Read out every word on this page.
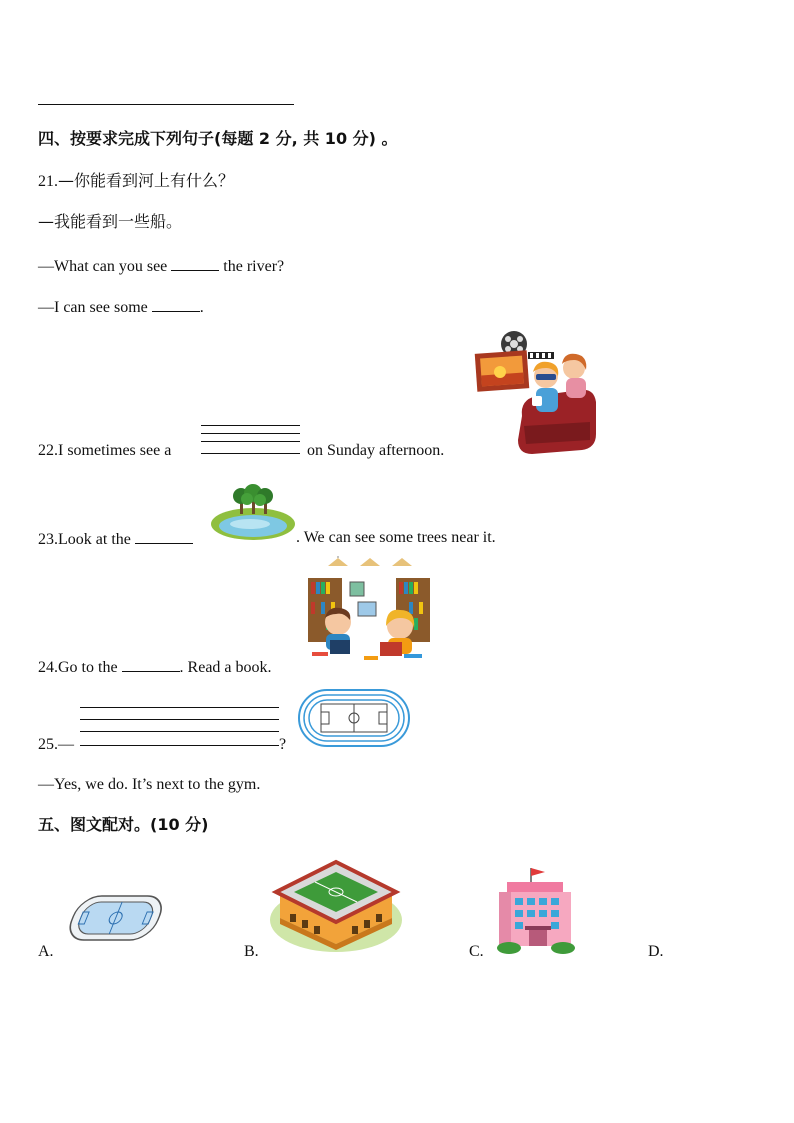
四、按要求完成下列句子(每题 2 分, 共 10 分) 。
21.—你能看到河上有什么？
—我能看到一些船。
—What can you see	the river?
—I can see some	.
22.I sometimes see a	on Sunday afternoon.
23.Look at the	. We can see some trees near it.
24.Go to the	. Read a book.
25.—	?
—Yes, we do. It’s next to the gym.
五、图文配对。(10 分)
A.	B.	C.	D.
